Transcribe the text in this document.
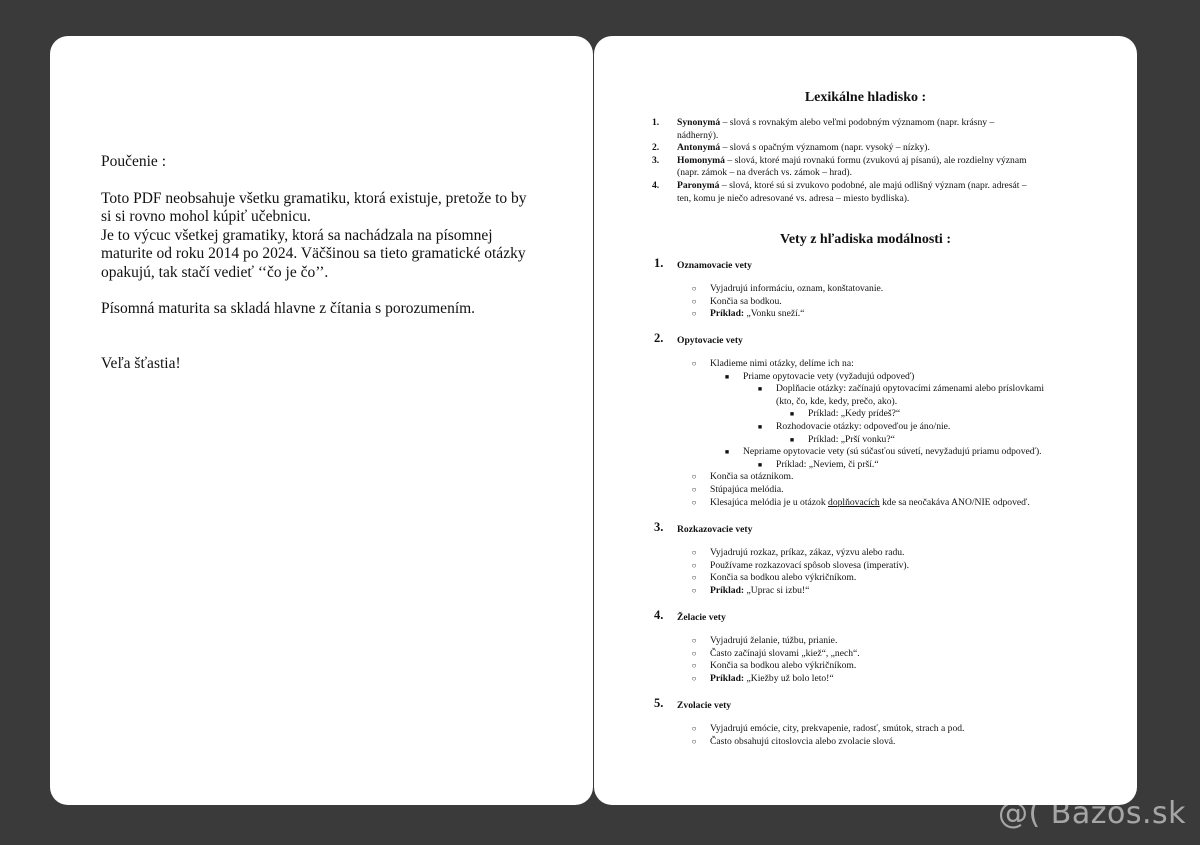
Poučenie :

Toto PDF neobsahuje všetku gramatiku, ktorá existuje, pretože to by

si si rovno mohol kúpiť učebnicu.

Je to výcuc všetkej gramatiky, ktorá sa nachádzala na písomnej

maturite od roku 2014 po 2024. Väčšinou sa tieto gramatické otázky

opakujú, tak stačí vedieť ‘‘čo je čo’’.

Písomná maturita sa skladá hlavne z čítania s porozumením.

Veľa šťastia!

Lexikálne hladisko :
1.	Synonymá – slová s rovnakým alebo veľmi podobným významom (napr. krásny –
nádherný).
2.	Antonymá – slová s opačným významom (napr. vysoký – nízky).
3.	Homonymá – slová, ktoré majú rovnakú formu (zvukovú aj písanú), ale rozdielny význam
(napr. zámok – na dverách vs. zámok – hrad).
4.	Paronymá – slová, ktoré sú si zvukovo podobné, ale majú odlišný význam (napr. adresát –
ten, komu je niečo adresované vs. adresa – miesto bydliska).
Vety z hľadiska modálnosti :
1. Oznamovacie vety
○	Vyjadrujú informáciu, oznam, konštatovanie.
○	Končia sa bodkou.
○	Príklad: „Vonku sneží.“
2. Opytovacie vety
○	Kladieme nimi otázky, delíme ich na:
■	Priame opytovacie vety (vyžadujú odpoveď)
■	Doplňacie otázky: začínajú opytovacími zámenami alebo príslovkami
(kto, čo, kde, kedy, prečo, ako).
■	Príklad: „Kedy prídeš?“
■	Rozhodovacie otázky: odpoveďou je áno/nie.
■	Príklad: „Prší vonku?“
■	Nepriame opytovacie vety (sú súčasťou súvetí, nevyžadujú priamu odpoveď).
■	Príklad: „Neviem, či prší.“
○	Končia sa otáznikom.
○	Stúpajúca melódia.
○	Klesajúca melódia je u otázok doplňovacích kde sa neočakáva ANO/NIE odpoveď.
3. Rozkazovacie vety
○	Vyjadrujú rozkaz, príkaz, zákaz, výzvu alebo radu.
○	Používame rozkazovací spôsob slovesa (imperatív).
○	Končia sa bodkou alebo výkričníkom.
○	Príklad: „Uprac si izbu!“
4. Želacie vety
○	Vyjadrujú želanie, túžbu, prianie.
○	Často začínajú slovami „kiež“, „nech“.
○	Končia sa bodkou alebo výkričníkom.
○	Príklad: „Kiežby už bolo leto!“
5. Zvolacie vety
○	Vyjadrujú emócie, city, prekvapenie, radosť, smútok, strach a pod.
○	Často obsahujú citoslovcia alebo zvolacie slová.
@( Bazos.sk
